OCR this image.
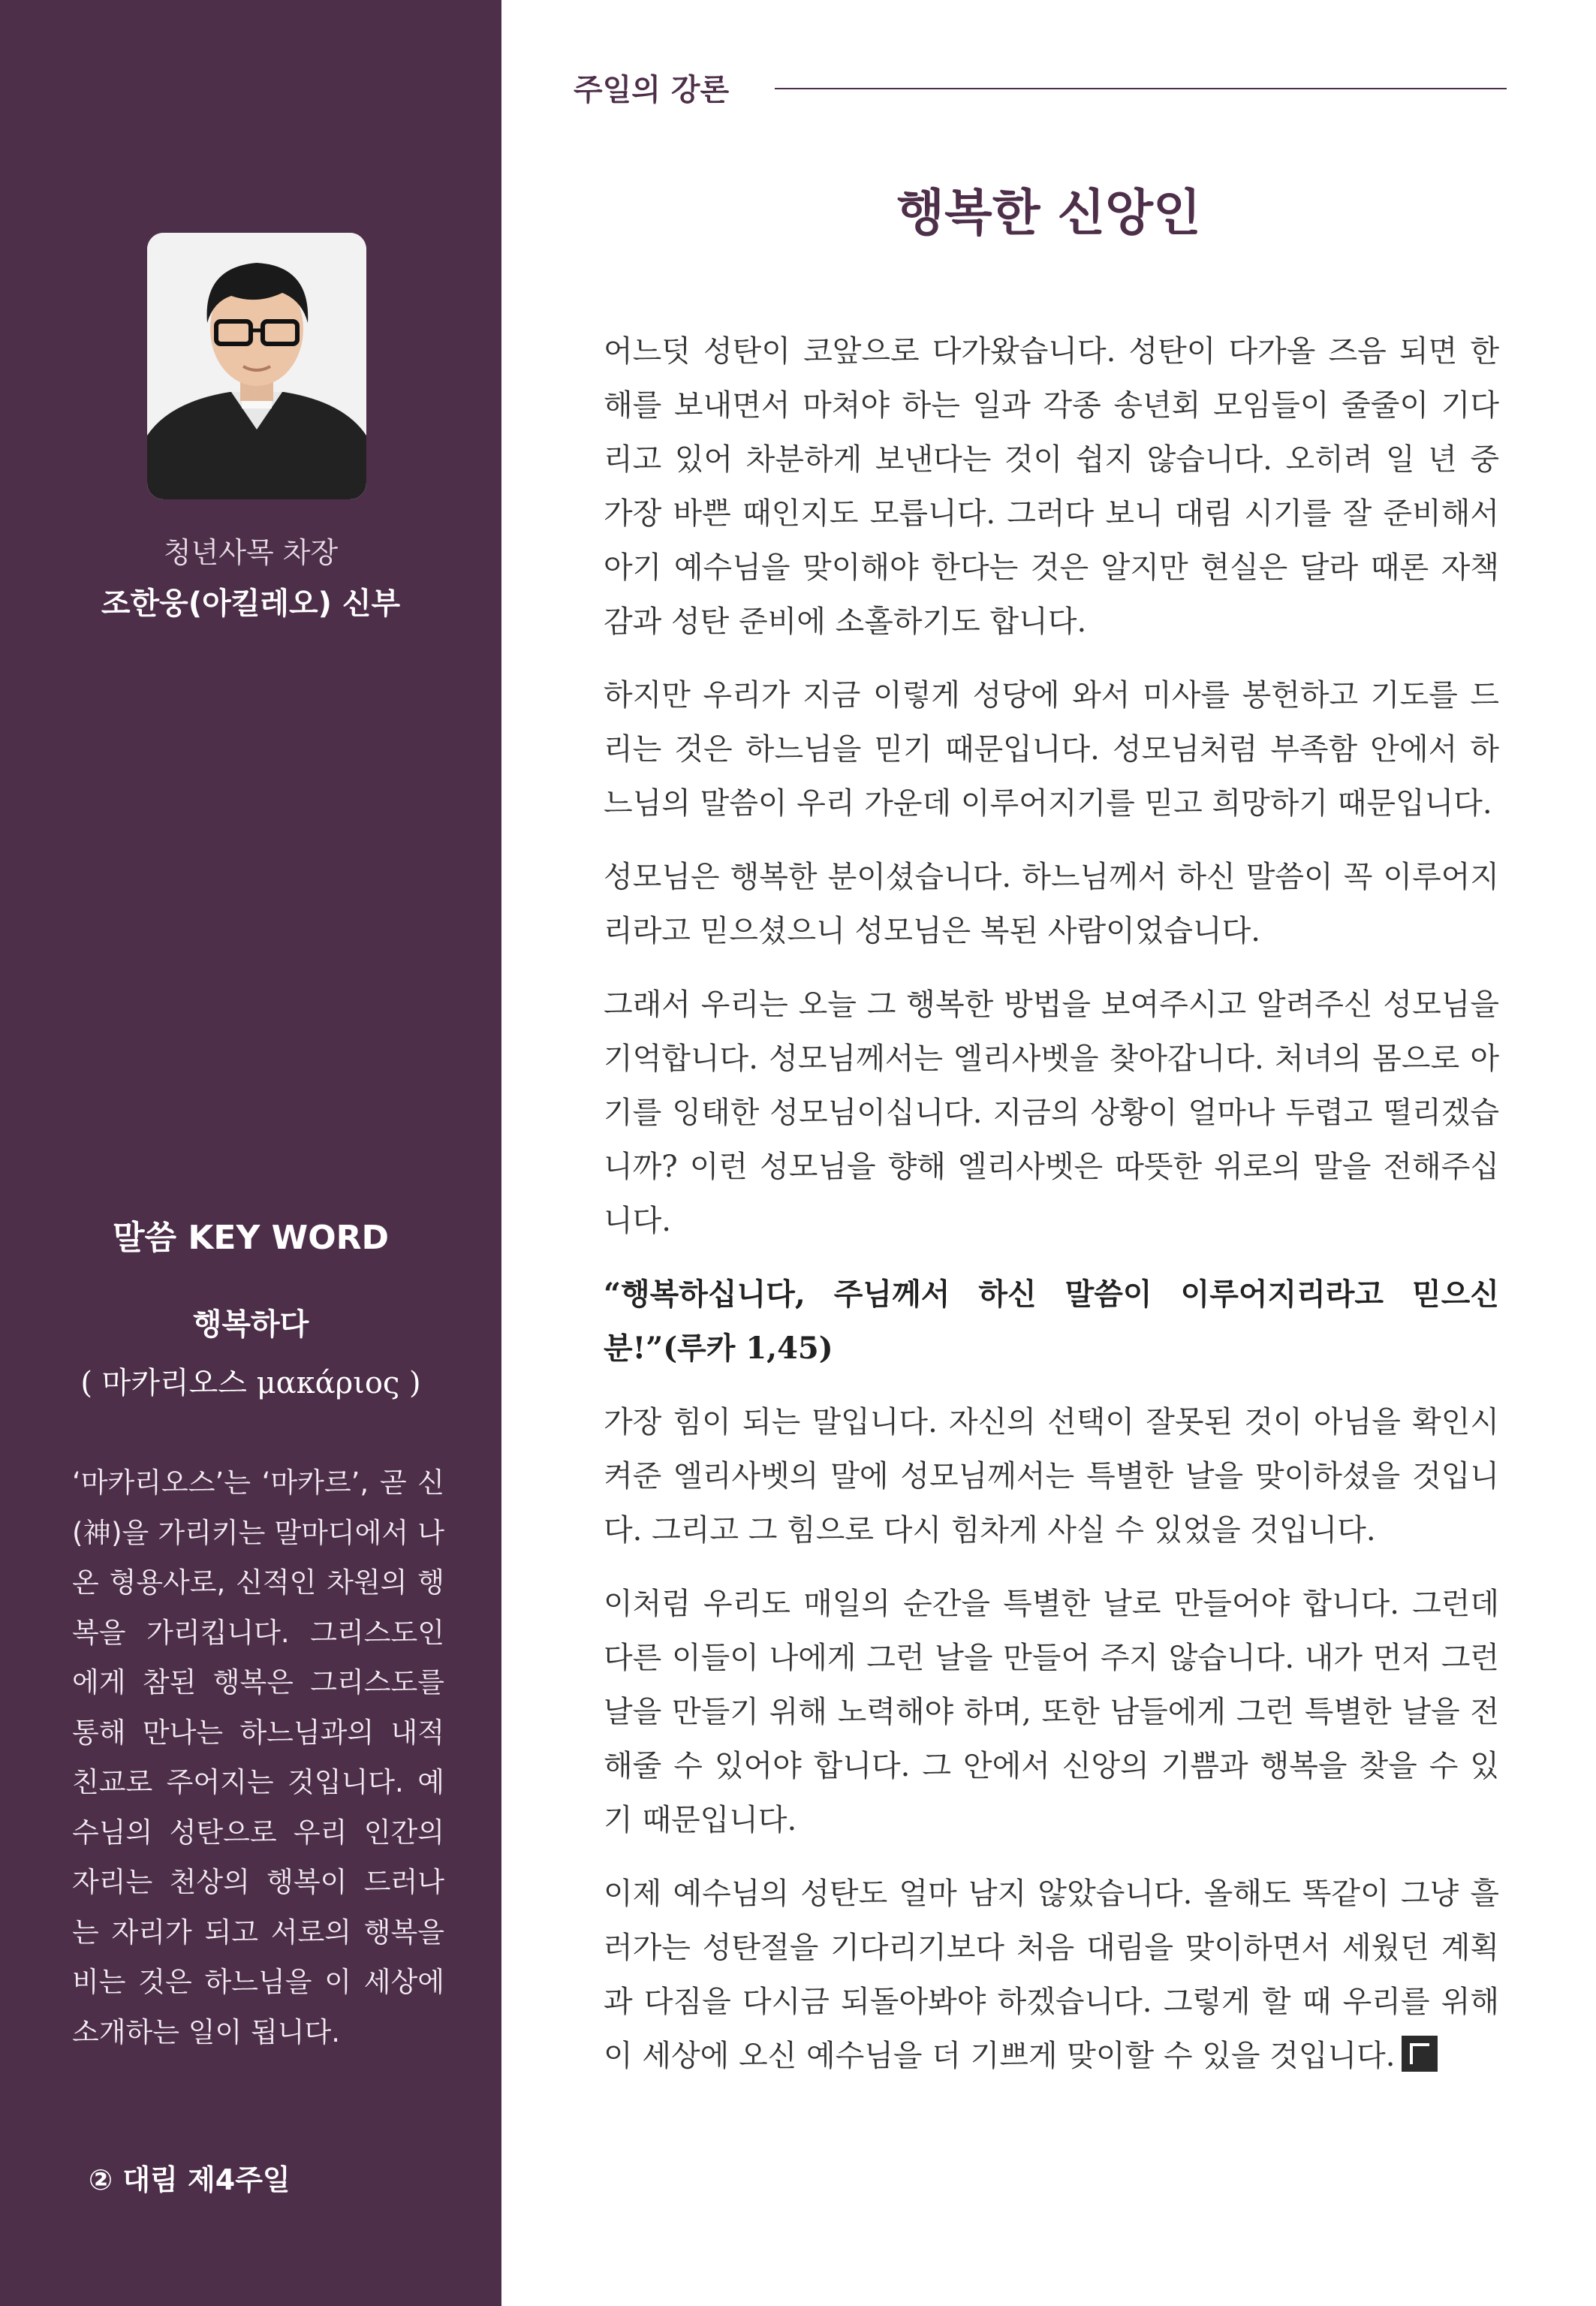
청년사목 차장
조한웅(아킬레오) 신부
말씀 KEY WORD
행복하다
( 마카리오스 μακάριος )
‘마카리오스’는 ‘마카르’, 곧 신(神)을 가리키는 말마디에서 나온 형용사로, 신적인 차원의 행복을 가리킵니다. 그리스도인에게 참된 행복은 그리스도를 통해 만나는 하느님과의 내적 친교로 주어지는 것입니다. 예수님의 성탄으로 우리 인간의 자리는 천상의 행복이 드러나는 자리가 되고 서로의 행복을 비는 것은 하느님을 이 세상에 소개하는 일이 됩니다.
② 대림 제4주일
주일의 강론
행복한 신앙인

어느덧 성탄이 코앞으로 다가왔습니다. 성탄이 다가올 즈음 되면 한 해를 보내면서 마쳐야 하는 일과 각종 송년회 모임들이 줄줄이 기다리고 있어 차분하게 보낸다는 것이 쉽지 않습니다. 오히려 일 년 중 가장 바쁜 때인지도 모릅니다. 그러다 보니 대림 시기를 잘 준비해서 아기 예수님을 맞이해야 한다는 것은 알지만 현실은 달라 때론 자책감과 성탄 준비에 소홀하기도 합니다.

하지만 우리가 지금 이렇게 성당에 와서 미사를 봉헌하고 기도를 드리는 것은 하느님을 믿기 때문입니다. 성모님처럼 부족함 안에서 하느님의 말씀이 우리 가운데 이루어지기를 믿고 희망하기 때문입니다.

성모님은 행복한 분이셨습니다. 하느님께서 하신 말씀이 꼭 이루어지리라고 믿으셨으니 성모님은 복된 사람이었습니다.

그래서 우리는 오늘 그 행복한 방법을 보여주시고 알려주신 성모님을 기억합니다. 성모님께서는 엘리사벳을 찾아갑니다. 처녀의 몸으로 아기를 잉태한 성모님이십니다. 지금의 상황이 얼마나 두렵고 떨리겠습니까? 이런 성모님을 향해 엘리사벳은 따뜻한 위로의 말을 전해주십니다.

“행복하십니다, 주님께서 하신 말씀이 이루어지리라고 믿으신 분!”(루카 1,45)

가장 힘이 되는 말입니다. 자신의 선택이 잘못된 것이 아님을 확인시켜준 엘리사벳의 말에 성모님께서는 특별한 날을 맞이하셨을 것입니다. 그리고 그 힘으로 다시 힘차게 사실 수 있었을 것입니다.

이처럼 우리도 매일의 순간을 특별한 날로 만들어야 합니다. 그런데 다른 이들이 나에게 그런 날을 만들어 주지 않습니다. 내가 먼저 그런 날을 만들기 위해 노력해야 하며, 또한 남들에게 그런 특별한 날을 전해줄 수 있어야 합니다. 그 안에서 신앙의 기쁨과 행복을 찾을 수 있기 때문입니다.

이제 예수님의 성탄도 얼마 남지 않았습니다. 올해도 똑같이 그냥 흘러가는 성탄절을 기다리기보다 처음 대림을 맞이하면서 세웠던 계획과 다짐을 다시금 되돌아봐야 하겠습니다. 그렇게 할 때 우리를 위해 이 세상에 오신 예수님을 더 기쁘게 맞이할 수 있을 것입니다.
